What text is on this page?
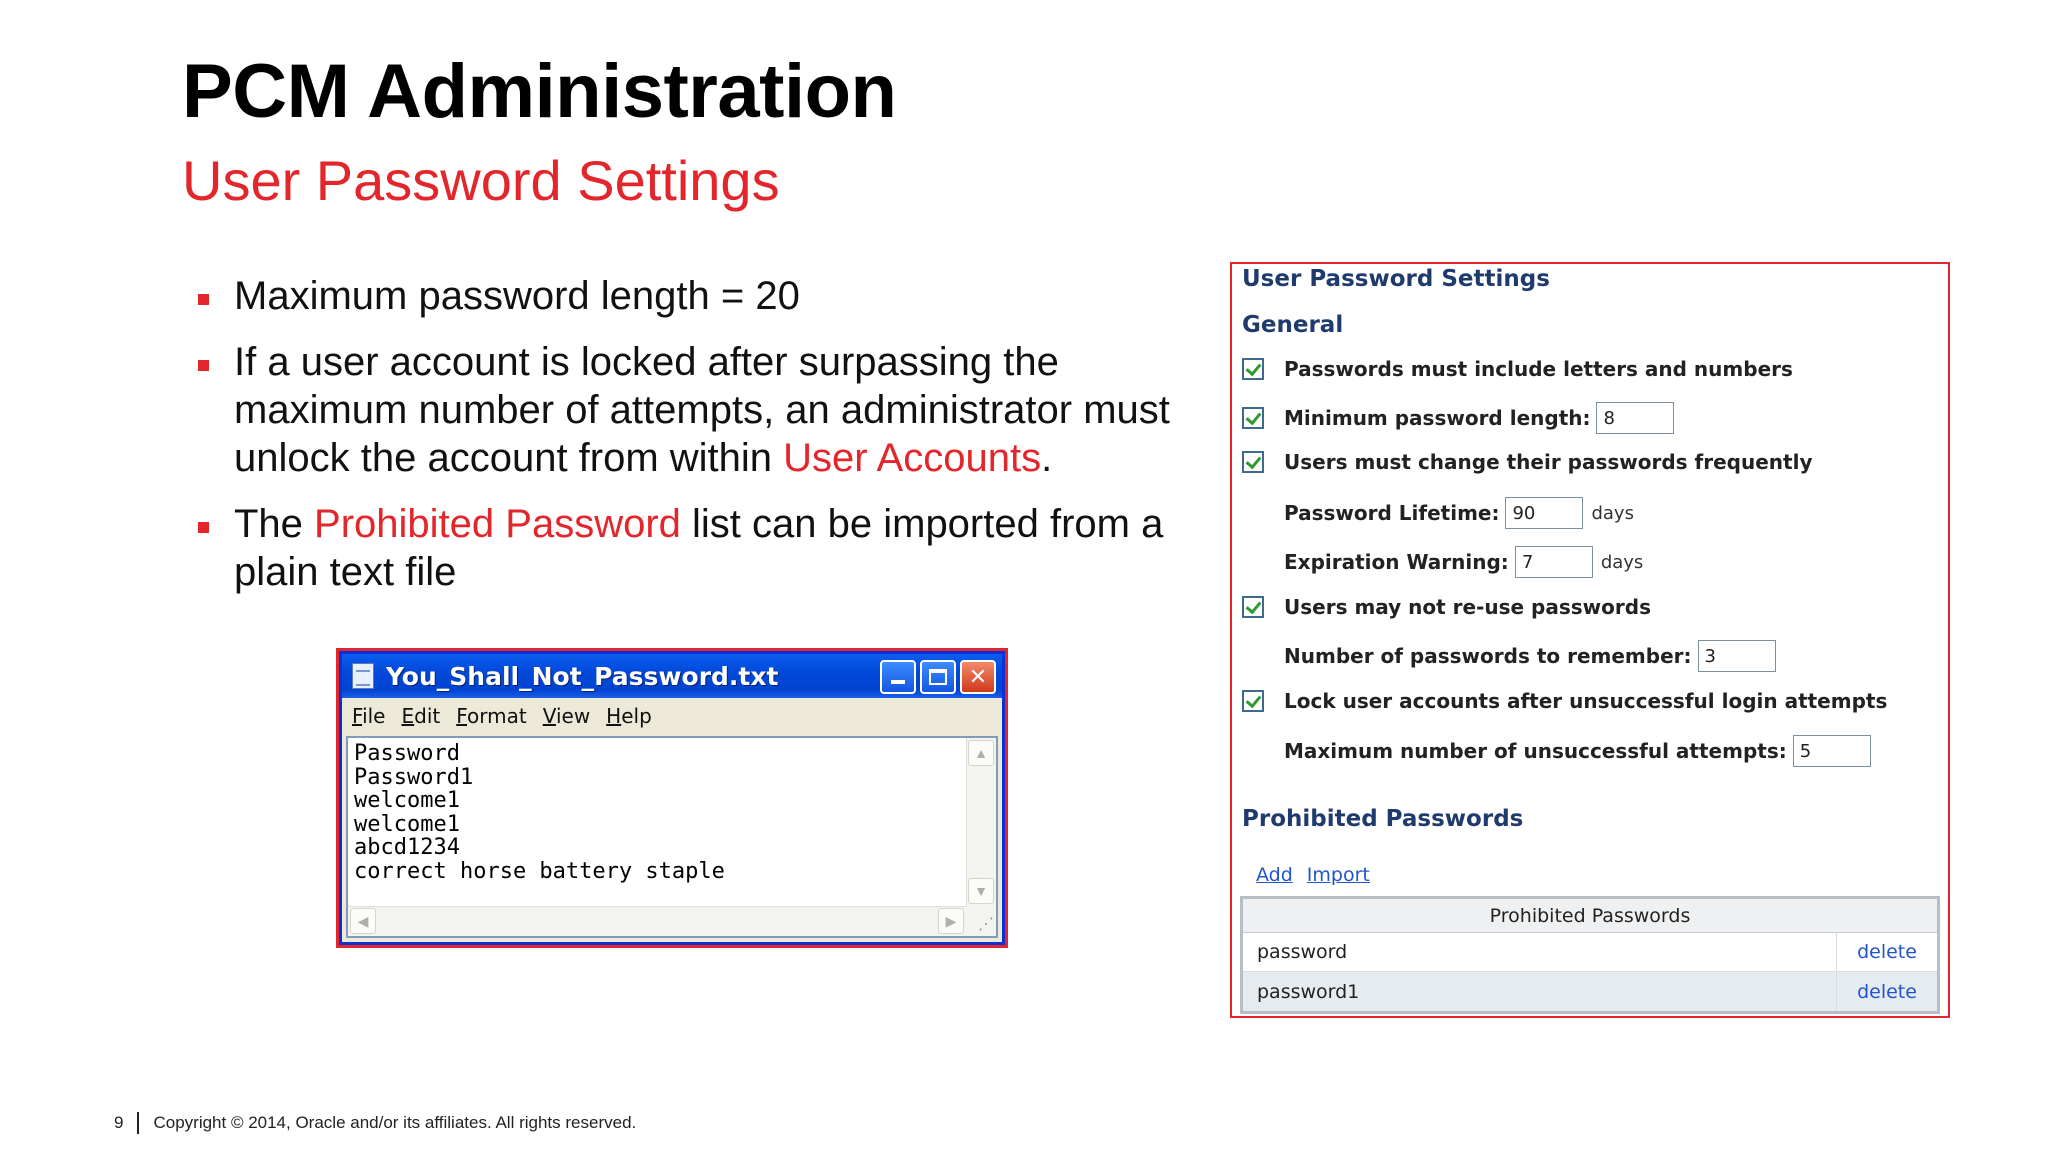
PCM Administration
User Password Settings
Maximum password length = 20
If a user account is locked after surpassing the maximum number of attempts, an administrator must unlock the account from within User Accounts.
The Prohibited Password list can be imported from a plain text file
You_Shall_Not_Password.txt	✕
File Edit Format View Help
Password
Password1
welcome1
welcome1
abcd1234
correct horse battery staple
▲
▼
◀	▶	⋰
User Password Settings
General
Passwords must include letters and numbers
Minimum password length: 8
Users must change their passwords frequently
Password Lifetime: 90	days
Expiration Warning: 7	days
Users may not re-use passwords
Number of passwords to remember: 3
Lock user accounts after unsuccessful login attempts
Maximum number of unsuccessful attempts: 5
Prohibited Passwords
Add Import
Prohibited Passwords
password	delete
password1	delete
9 Copyright © 2014, Oracle and/or its affiliates. All rights reserved.
